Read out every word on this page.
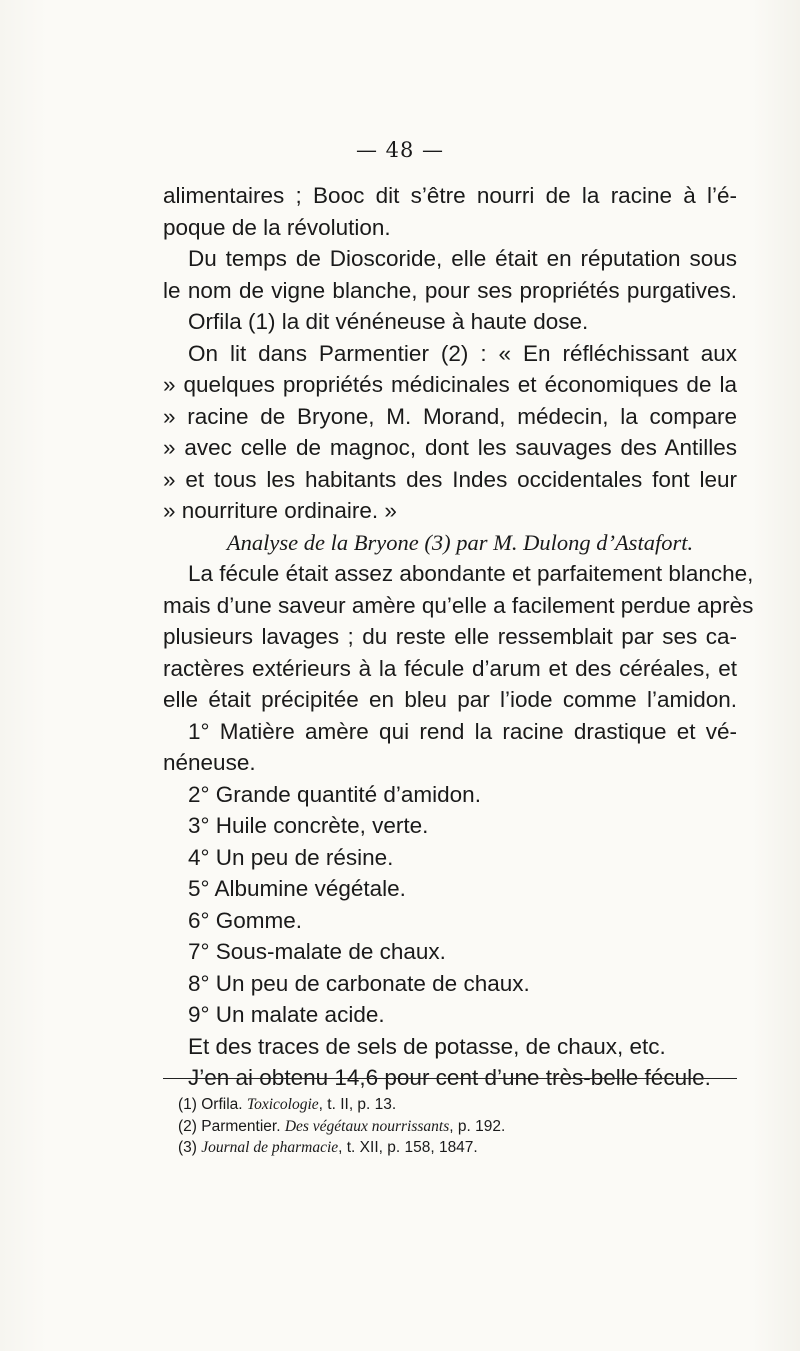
— 48 —
alimentaires ; Booc dit s’être nourri de la racine à l’é-
poque de la révolution.
Du temps de Dioscoride, elle était en réputation sous
le nom de vigne blanche, pour ses propriétés purgatives.
Orfila (1) la dit vénéneuse à haute dose.
On lit dans Parmentier (2) : « En réfléchissant aux
» quelques propriétés médicinales et économiques de la
» racine de Bryone, M. Morand, médecin, la compare
» avec celle de magnoc, dont les sauvages des Antilles
» et tous les habitants des Indes occidentales font leur
» nourriture ordinaire. »
Analyse de la Bryone (3) par M. Dulong d’Astafort.
La fécule était assez abondante et parfaitement blanche,
mais d’une saveur amère qu’elle a facilement perdue après
plusieurs lavages ; du reste elle ressemblait par ses ca-
ractères extérieurs à la fécule d’arum et des céréales, et
elle était précipitée en bleu par l’iode comme l’amidon.
1° Matière amère qui rend la racine drastique et vé-
néneuse.
2° Grande quantité d’amidon.
3° Huile concrète, verte.
4° Un peu de résine.
5° Albumine végétale.
6° Gomme.
7° Sous-malate de chaux.
8° Un peu de carbonate de chaux.
9° Un malate acide.
Et des traces de sels de potasse, de chaux, etc.
J’en ai obtenu 14,6 pour cent d’une très-belle fécule.
(1) Orfila. Toxicologie, t. II, p. 13.
(2) Parmentier. Des végétaux nourrissants, p. 192.
(3) Journal de pharmacie, t. XII, p. 158, 1847.
